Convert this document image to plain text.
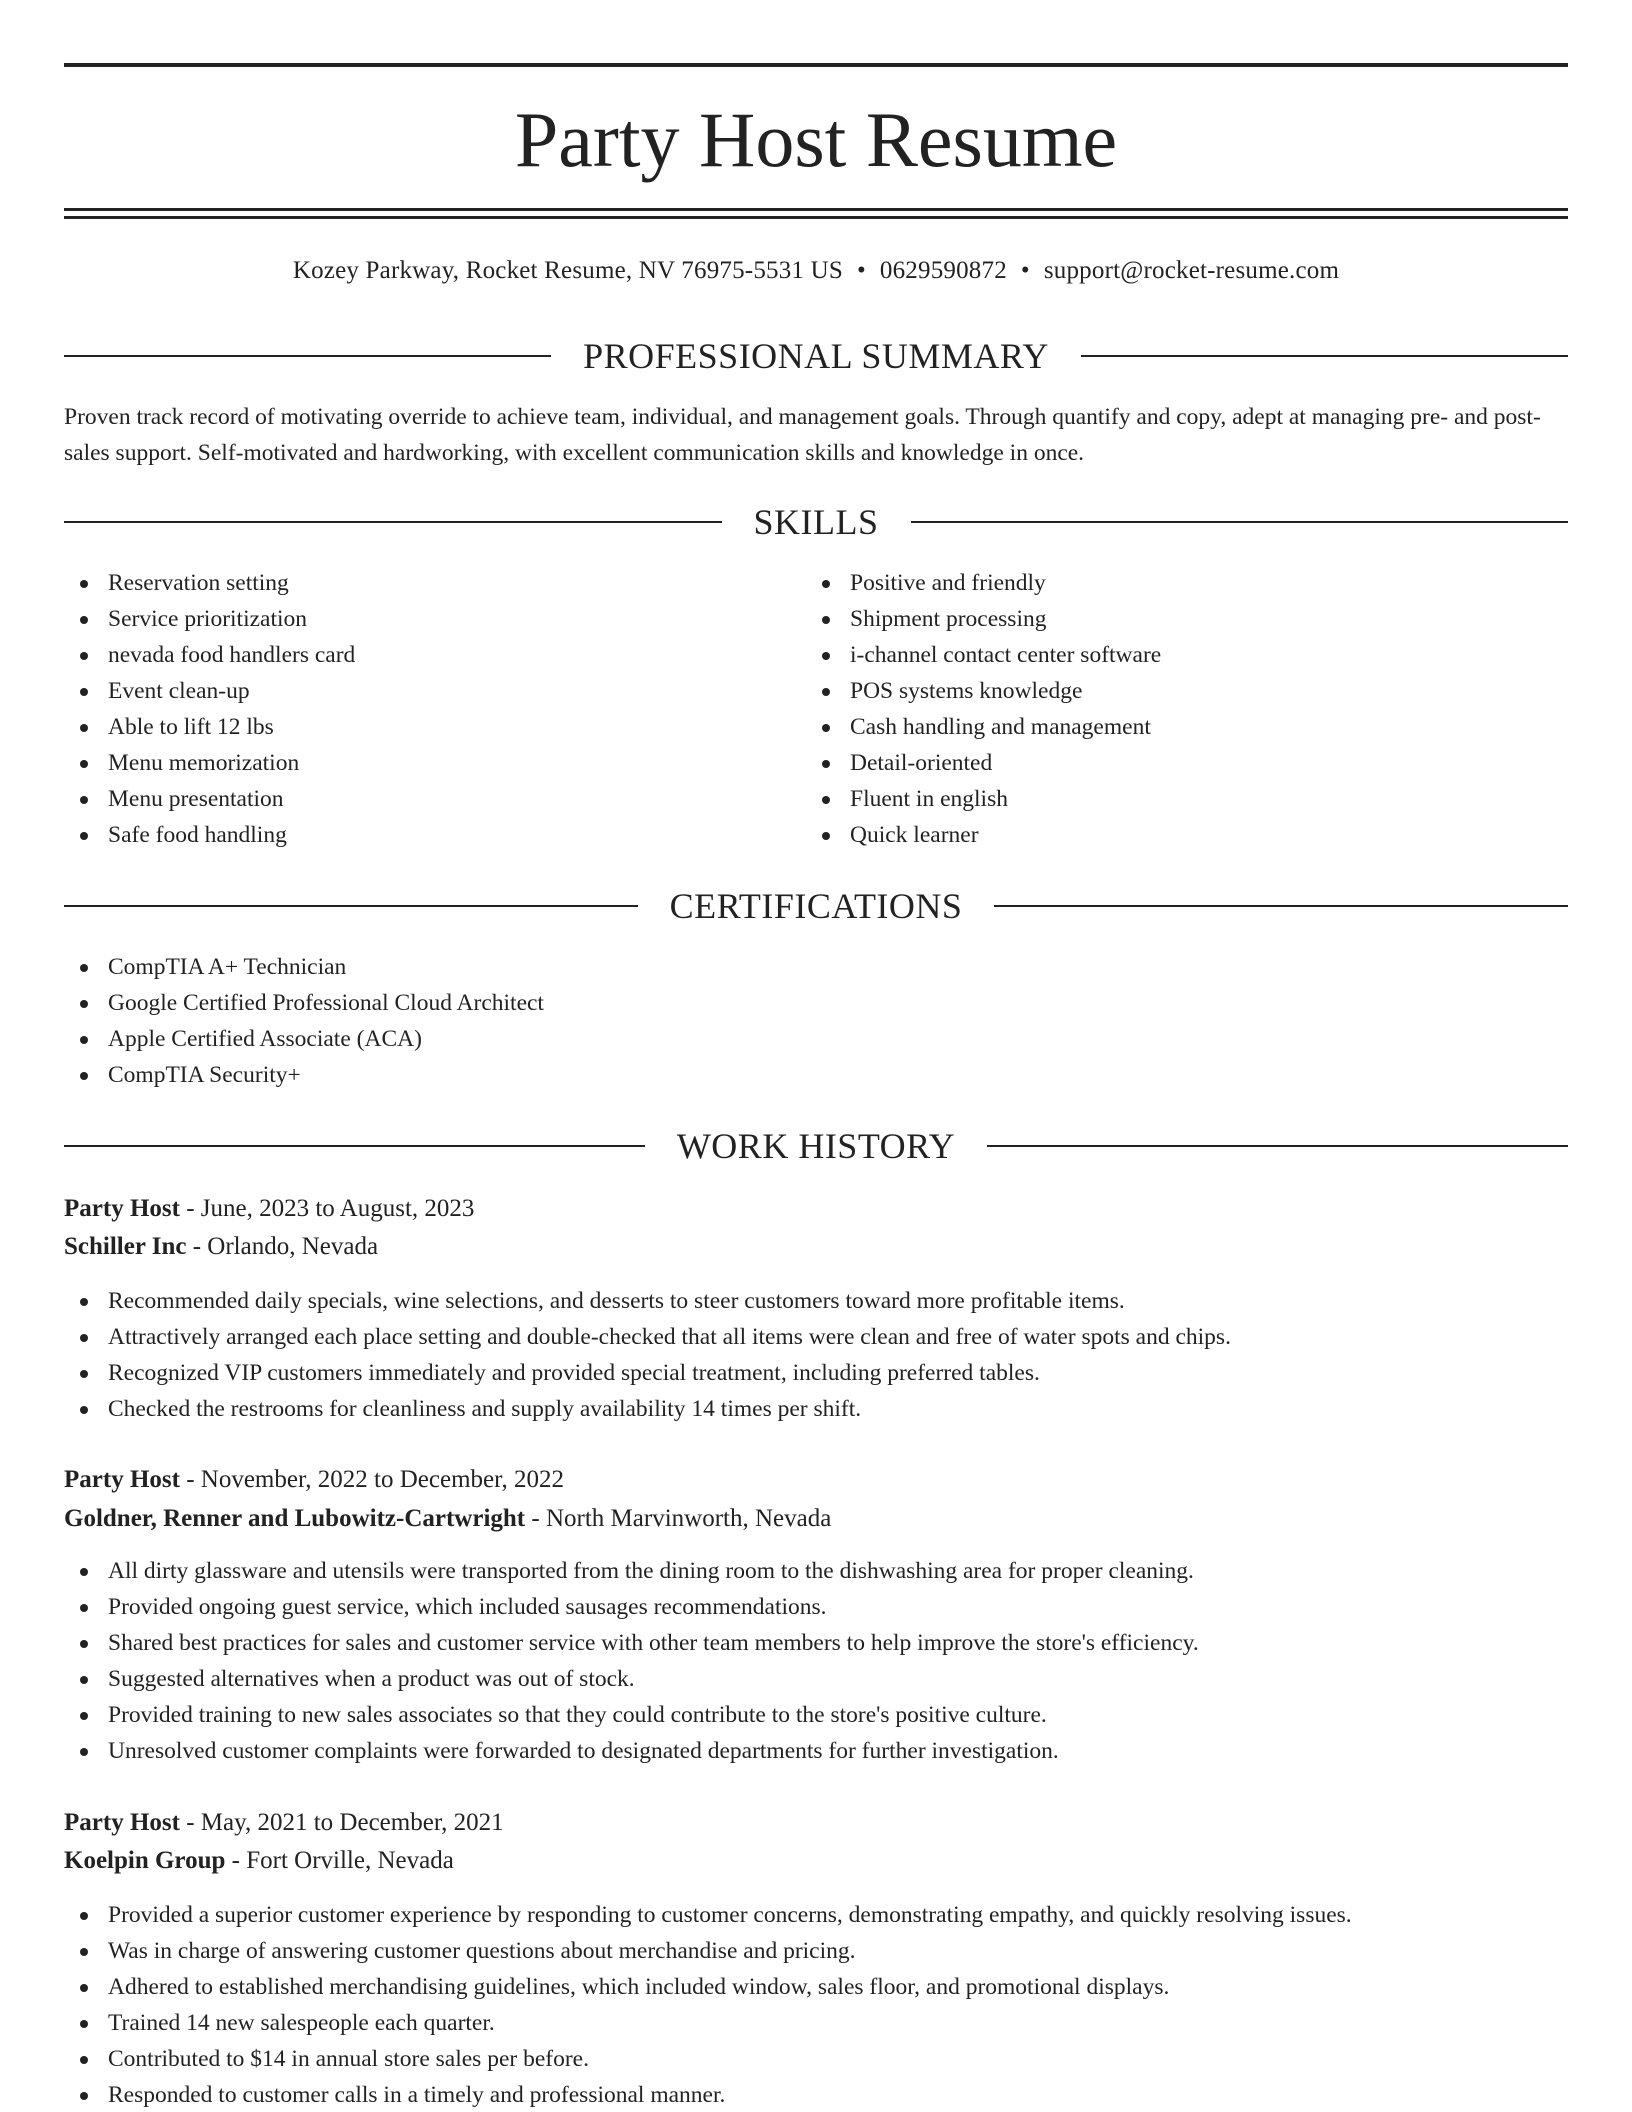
Party Host Resume
Kozey Parkway, Rocket Resume, NV 76975-5531 US • 0629590872 • support@rocket-resume.com
PROFESSIONAL SUMMARY

Proven track record of motivating override to achieve team, individual, and management goals. Through quantify and copy, adept at managing pre- and post-sales support. Self-motivated and hardworking, with excellent communication skills and knowledge in once.

SKILLS
Reservation setting
Service prioritization
nevada food handlers card
Event clean-up
Able to lift 12 lbs
Menu memorization
Menu presentation
Safe food handling
Positive and friendly
Shipment processing
i-channel contact center software
POS systems knowledge
Cash handling and management
Detail-oriented
Fluent in english
Quick learner
CERTIFICATIONS
CompTIA A+ Technician
Google Certified Professional Cloud Architect
Apple Certified Associate (ACA)
CompTIA Security+
WORK HISTORY
Party Host - June, 2023 to August, 2023
Schiller Inc - Orlando, Nevada
Recommended daily specials, wine selections, and desserts to steer customers toward more profitable items.
Attractively arranged each place setting and double-checked that all items were clean and free of water spots and chips.
Recognized VIP customers immediately and provided special treatment, including preferred tables.
Checked the restrooms for cleanliness and supply availability 14 times per shift.
Party Host - November, 2022 to December, 2022
Goldner, Renner and Lubowitz-Cartwright - North Marvinworth, Nevada
All dirty glassware and utensils were transported from the dining room to the dishwashing area for proper cleaning.
Provided ongoing guest service, which included sausages recommendations.
Shared best practices for sales and customer service with other team members to help improve the store's efficiency.
Suggested alternatives when a product was out of stock.
Provided training to new sales associates so that they could contribute to the store's positive culture.
Unresolved customer complaints were forwarded to designated departments for further investigation.
Party Host - May, 2021 to December, 2021
Koelpin Group - Fort Orville, Nevada
Provided a superior customer experience by responding to customer concerns, demonstrating empathy, and quickly resolving issues.
Was in charge of answering customer questions about merchandise and pricing.
Adhered to established merchandising guidelines, which included window, sales floor, and promotional displays.
Trained 14 new salespeople each quarter.
Contributed to $14 in annual store sales per before.
Responded to customer calls in a timely and professional manner.
